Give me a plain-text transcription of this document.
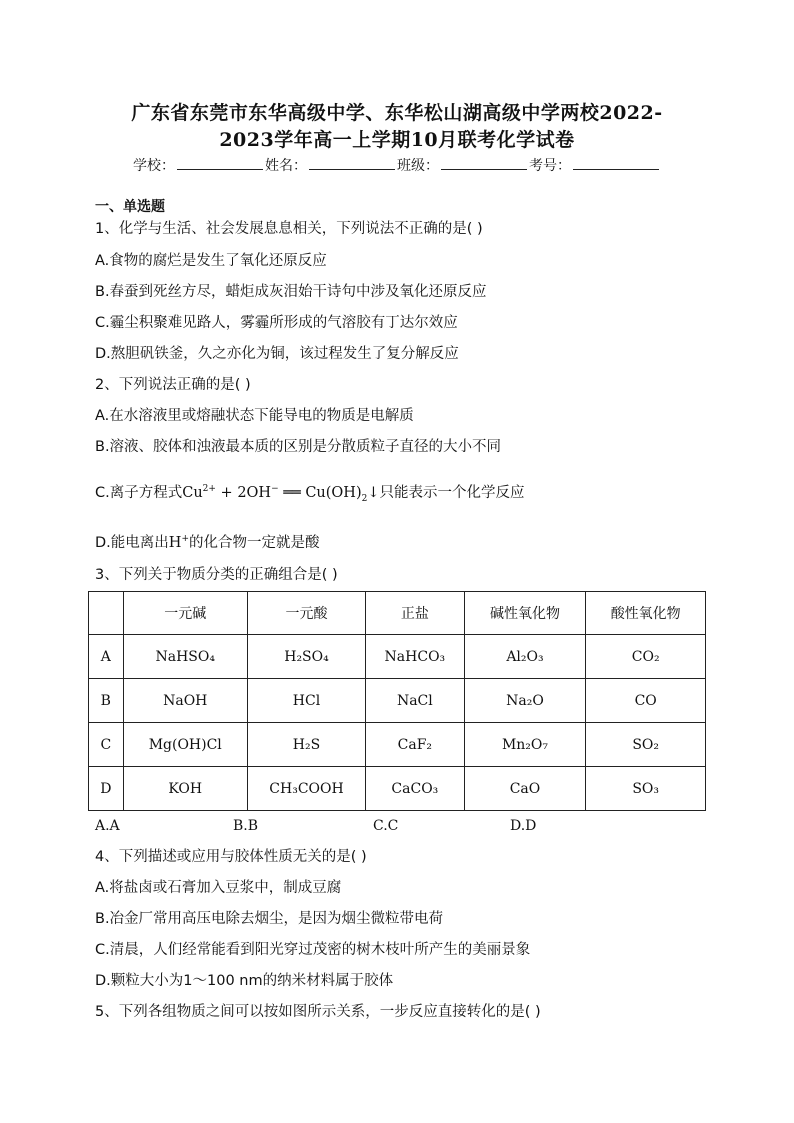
广东省东莞市东华高级中学、东华松山湖高级中学两校2022-
2023学年高一上学期10月联考化学试卷
学校：	姓名：	班级：	考号：
一、单选题
1、化学与生活、社会发展息息相关，下列说法不正确的是( )
A.食物的腐烂是发生了氧化还原反应
B.春蚕到死丝方尽，蜡炬成灰泪始干诗句中涉及氧化还原反应
C.霾尘积聚难见路人，雾霾所形成的气溶胶有丁达尔效应
D.熬胆矾铁釜，久之亦化为铜，该过程发生了复分解反应
2、下列说法正确的是( )
A.在水溶液里或熔融状态下能导电的物质是电解质
B.溶液、胶体和浊液最本质的区别是分散质粒子直径的大小不同
C.离子方程式$Cu^{2+} + 2OH^-$ ══ $Cu(OH)_2↓$只能表示一个化学反应
D.能电离出H+的化合物一定就是酸
3、下列关于物质分类的正确组合是( )
	一元碱	一元酸	正盐	碱性氧化物	酸性氧化物
A	NaHSO₄	H₂SO₄	NaHCO₃	Al₂O₃	CO₂
B	NaOH	HCl	NaCl	Na₂O	CO
C	Mg(OH)Cl	H₂S	CaF₂	Mn₂O₇	SO₂
D	KOH	CH₃COOH	CaCO₃	CaO	SO₃
A.A	B.B	C.C	D.D
4、下列描述或应用与胶体性质无关的是( )
A.将盐卤或石膏加入豆浆中，制成豆腐
B.冶金厂常用高压电除去烟尘，是因为烟尘微粒带电荷
C.清晨，人们经常能看到阳光穿过茂密的树木枝叶所产生的美丽景象
D.颗粒大小为1～100 nm的纳米材料属于胶体
5、下列各组物质之间可以按如图所示关系，一步反应直接转化的是( )
